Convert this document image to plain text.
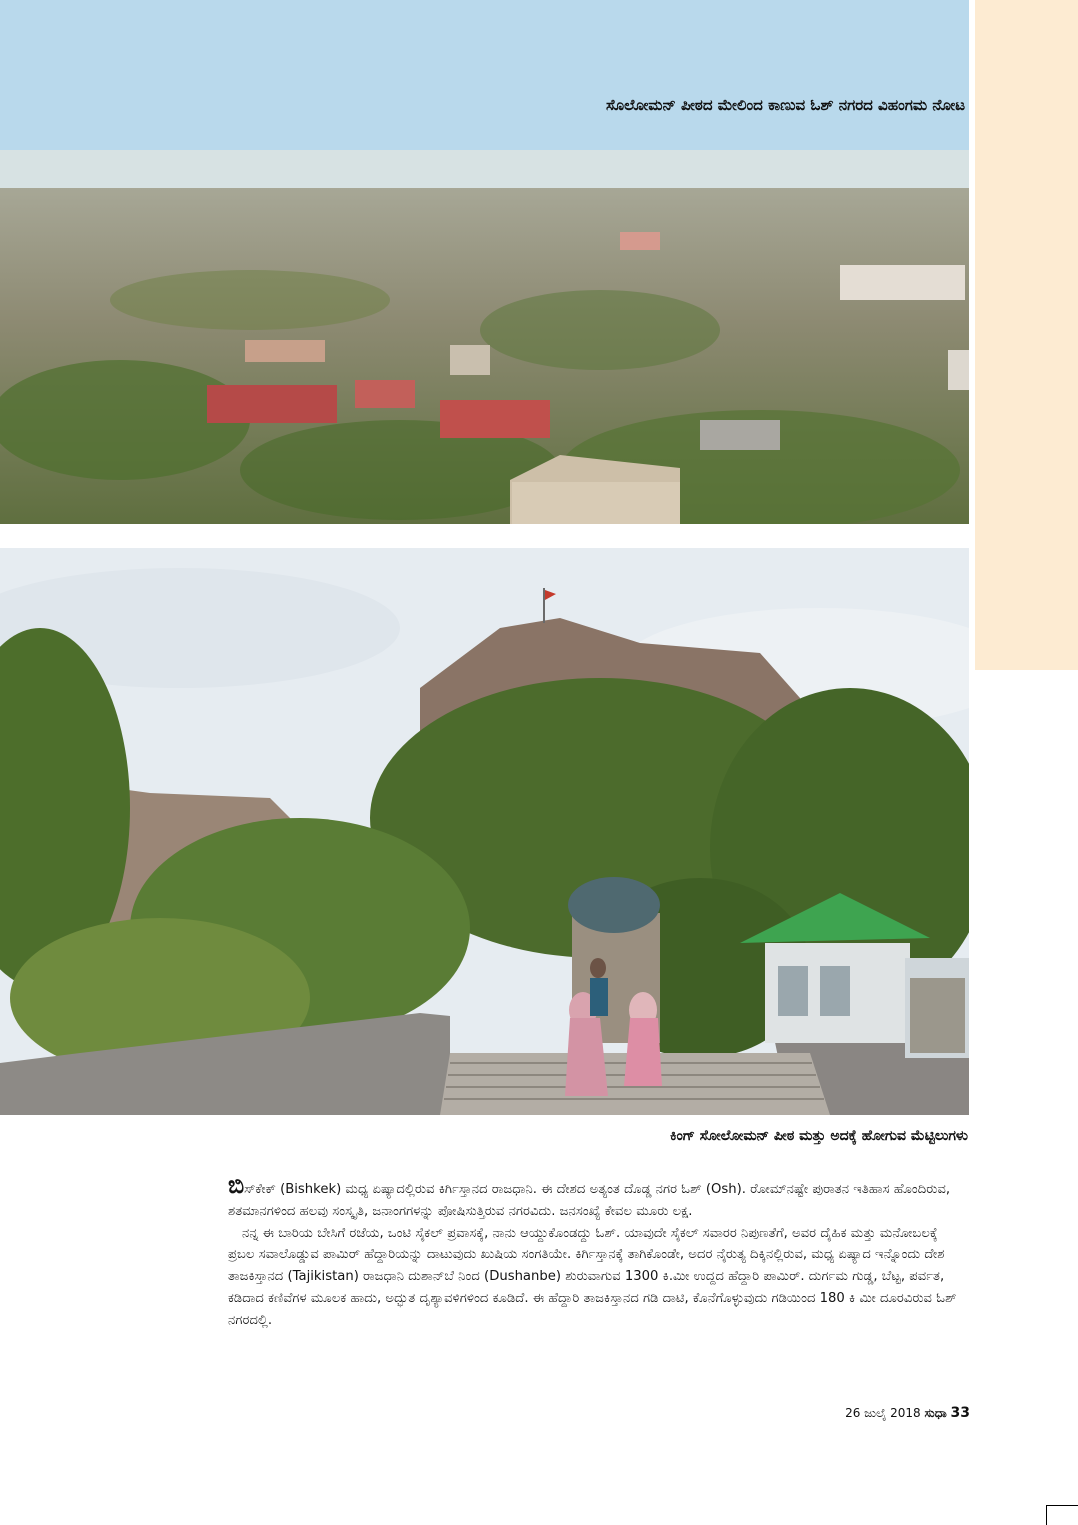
ಸೊಲೋಮನ್ ಪೀಠದ ಮೇಲಿಂದ ಕಾಣುವ ಓಶ್ ನಗರದ ವಿಹಂಗಮ ನೋಟ
ಕಿಂಗ್ ಸೋಲೋಮನ್ ಪೀಠ ಮತ್ತು ಅದಕ್ಕೆ ಹೋಗುವ ಮೆಟ್ಟಿಲುಗಳು

ಬಿಸ್‌ಕೇಕ್ (Bishkek) ಮಧ್ಯ ಏಷ್ಯಾದಲ್ಲಿರುವ ಕಿರ್ಗಿಸ್ತಾನದ ರಾಜಧಾನಿ. ಈ ದೇಶದ ಅತ್ಯಂತ ದೊಡ್ಡ ನಗರ ಓಶ್ (Osh). ರೋಮ್‌ನಷ್ಟೇ ಪುರಾತನ ಇತಿಹಾಸ ಹೊಂದಿರುವ, ಶತಮಾನಗಳಿಂದ ಹಲವು ಸಂಸ್ಕೃತಿ, ಜನಾಂಗಗಳನ್ನು ಪೋಷಿಸುತ್ತಿರುವ ನಗರವಿದು. ಜನಸಂಖ್ಯೆ ಕೇವಲ ಮೂರು ಲಕ್ಷ.

ನನ್ನ ಈ ಬಾರಿಯ ಬೇಸಿಗೆ ರಜೆಯ, ಒಂಟಿ ಸೈಕಲ್ ಪ್ರವಾಸಕ್ಕೆ, ನಾನು ಆಯ್ದುಕೊಂಡದ್ದು ಓಶ್. ಯಾವುದೇ ಸೈಕಲ್ ಸವಾರರ ನಿಪುಣತೆಗೆ, ಅವರ ದೈಹಿಕ ಮತ್ತು ಮನೋಬಲಕ್ಕೆ ಪ್ರಬಲ ಸವಾಲೊಡ್ಡುವ ಪಾಮಿರ್ ಹೆದ್ದಾರಿಯನ್ನು ದಾಟುವುದು ಖುಷಿಯ ಸಂಗತಿಯೇ. ಕಿರ್ಗಿಸ್ತಾನಕ್ಕೆ ತಾಗಿಕೊಂಡೇ, ಅದರ ನೈರುತ್ಯ ದಿಕ್ಕಿನಲ್ಲಿರುವ, ಮಧ್ಯ ಏಷ್ಯಾದ ಇನ್ನೊಂದು ದೇಶ ತಾಜಕಿಸ್ತಾನದ (Tajikistan) ರಾಜಧಾನಿ ದುಶಾನ್‌ಬೆ ನಿಂದ (Dushanbe) ಶುರುವಾಗುವ 1300 ಕಿ.ಮೀ ಉದ್ದದ ಹೆದ್ದಾರಿ ಪಾಮಿರ್. ದುರ್ಗಮ ಗುಡ್ಡ, ಬೆಟ್ಟ, ಪರ್ವತ, ಕಡಿದಾದ ಕಣಿವೆಗಳ ಮೂಲಕ ಹಾದು, ಅದ್ಭುತ ದೃಶ್ಯಾವಳಿಗಳಿಂದ ಕೂಡಿದೆ. ಈ ಹೆದ್ದಾರಿ ತಾಜಕಿಸ್ತಾನದ ಗಡಿ ದಾಟಿ, ಕೊನೆಗೊಳ್ಳುವುದು ಗಡಿಯಿಂದ 180 ಕಿ ಮೀ ದೂರವಿರುವ ಓಶ್ ನಗರದಲ್ಲಿ.

26 ಜುಲೈ 2018 ಸುಧಾ 33
